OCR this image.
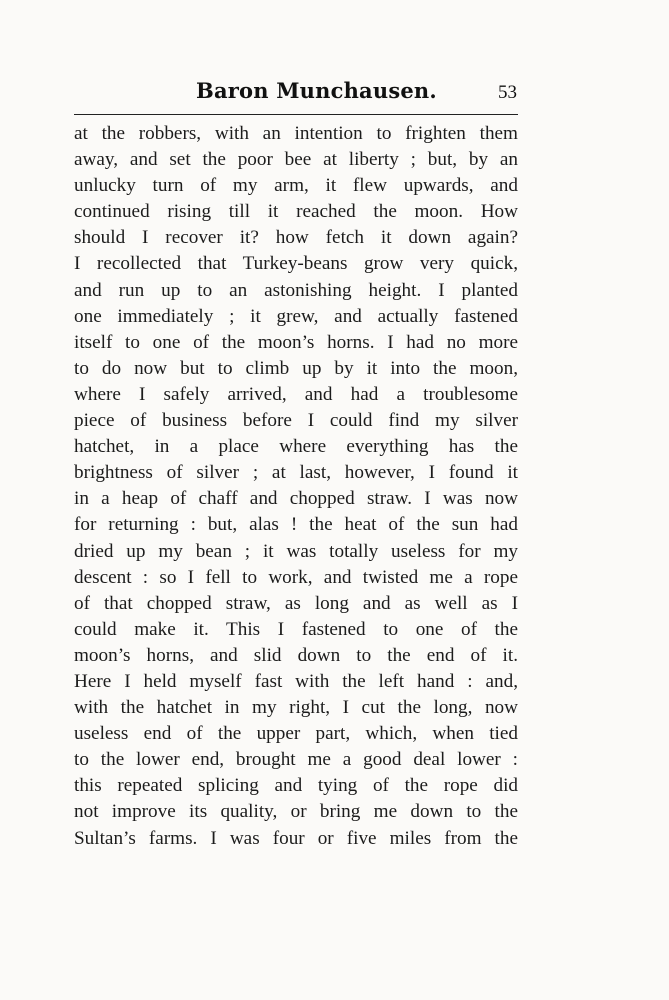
Baron Munchausen.	53
at the robbers, with an intention to frighten them
away, and set the poor bee at liberty ; but, by an
unlucky turn of my arm, it flew upwards, and
continued rising till it reached the moon. How
should I recover it? how fetch it down again?
I recollected that Turkey-beans grow very quick,
and run up to an astonishing height. I planted
one immediately ; it grew, and actually fastened
itself to one of the moon’s horns. I had no more
to do now but to climb up by it into the moon,
where I safely arrived, and had a troublesome
piece of business before I could find my silver
hatchet, in a place where everything has the
brightness of silver ; at last, however, I found it
in a heap of chaff and chopped straw. I was now
for returning : but, alas ! the heat of the sun had
dried up my bean ; it was totally useless for my
descent : so I fell to work, and twisted me a rope
of that chopped straw, as long and as well as I
could make it. This I fastened to one of the
moon’s horns, and slid down to the end of it.
Here I held myself fast with the left hand : and,
with the hatchet in my right, I cut the long, now
useless end of the upper part, which, when tied
to the lower end, brought me a good deal lower :
this repeated splicing and tying of the rope did
not improve its quality, or bring me down to the
Sultan’s farms. I was four or five miles from the
